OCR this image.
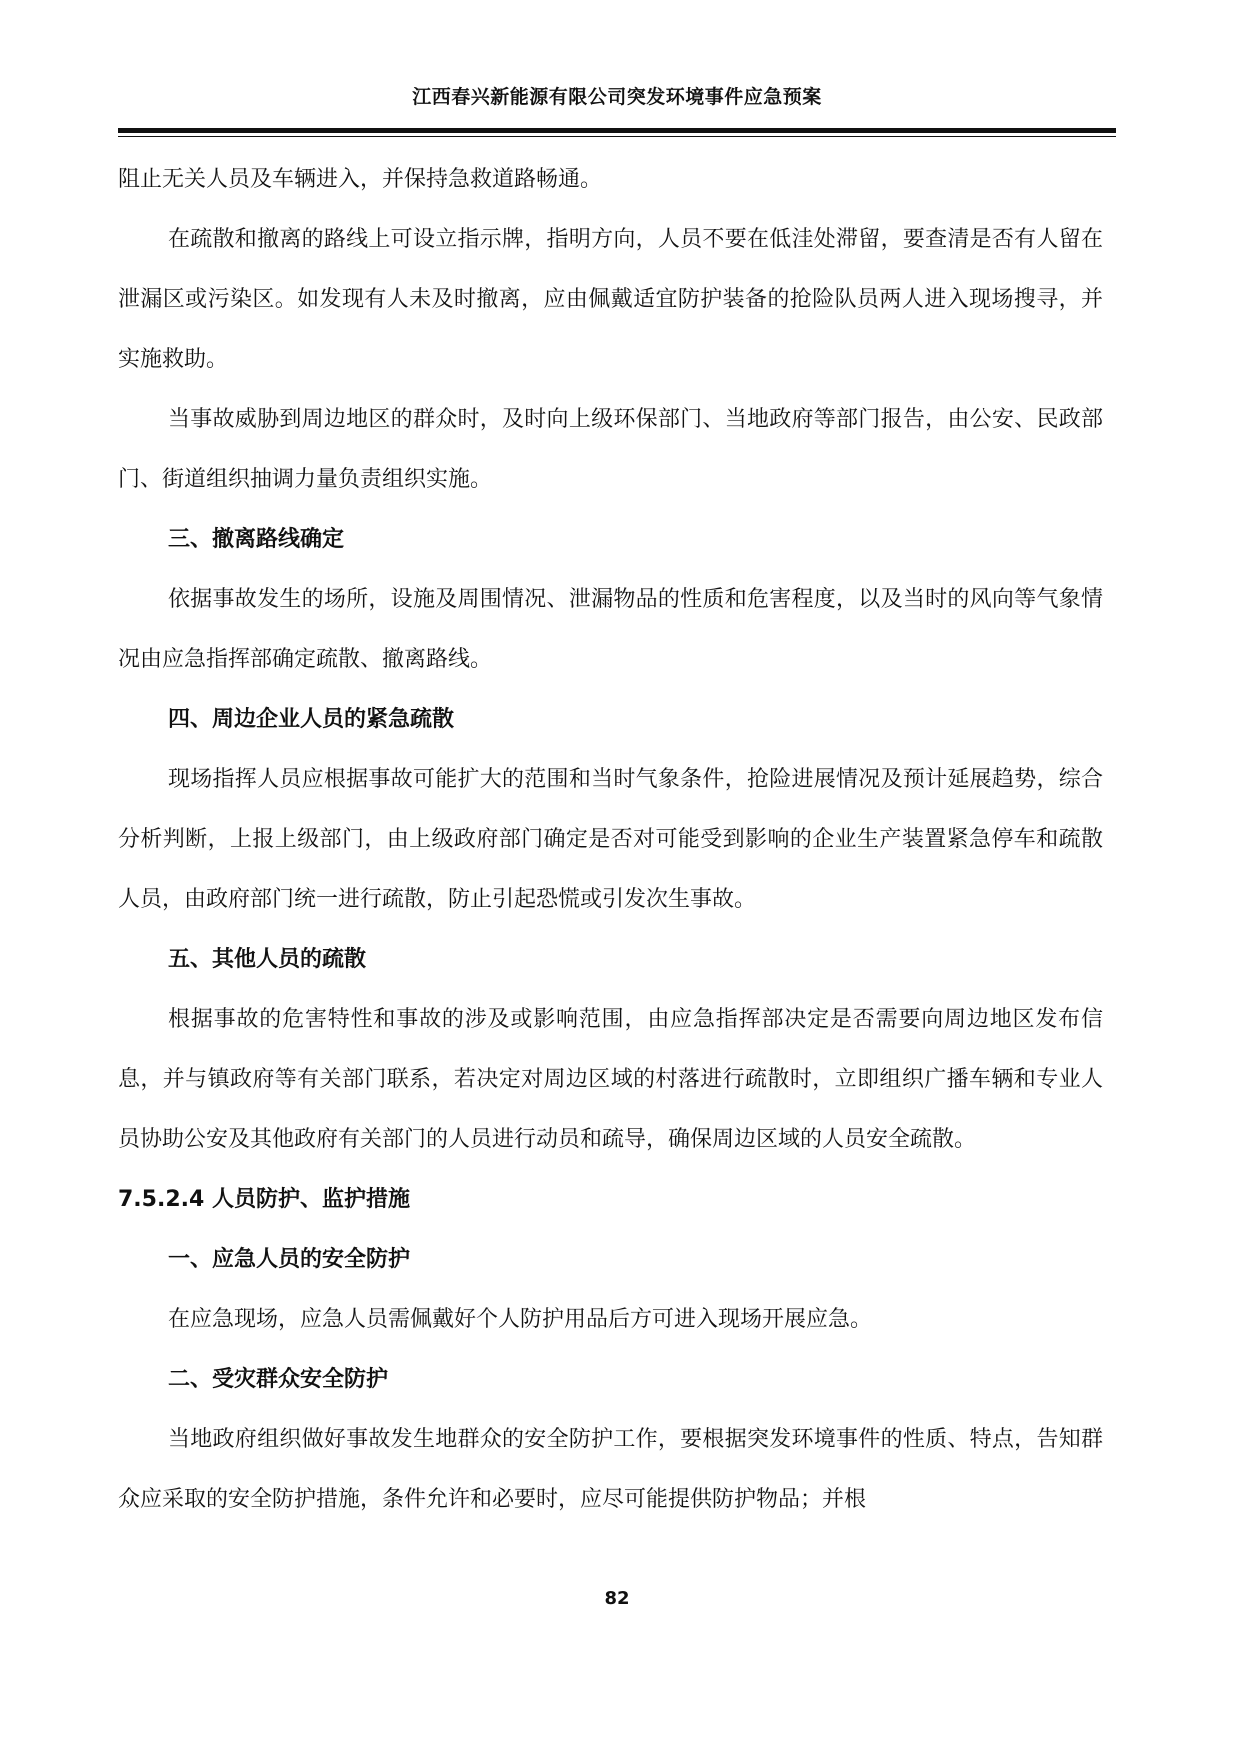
江西春兴新能源有限公司突发环境事件应急预案

阻止无关人员及车辆进入，并保持急救道路畅通。

在疏散和撤离的路线上可设立指示牌，指明方向，人员不要在低洼处滞留，要查清是否有人留在泄漏区或污染区。如发现有人未及时撤离，应由佩戴适宜防护装备的抢险队员两人进入现场搜寻，并实施救助。

当事故威胁到周边地区的群众时，及时向上级环保部门、当地政府等部门报告，由公安、民政部门、街道组织抽调力量负责组织实施。

三、撤离路线确定

依据事故发生的场所，设施及周围情况、泄漏物品的性质和危害程度，以及当时的风向等气象情况由应急指挥部确定疏散、撤离路线。

四、周边企业人员的紧急疏散

现场指挥人员应根据事故可能扩大的范围和当时气象条件，抢险进展情况及预计延展趋势，综合分析判断，上报上级部门，由上级政府部门确定是否对可能受到影响的企业生产装置紧急停车和疏散人员，由政府部门统一进行疏散，防止引起恐慌或引发次生事故。

五、其他人员的疏散

根据事故的危害特性和事故的涉及或影响范围，由应急指挥部决定是否需要向周边地区发布信息，并与镇政府等有关部门联系，若决定对周边区域的村落进行疏散时，立即组织广播车辆和专业人员协助公安及其他政府有关部门的人员进行动员和疏导，确保周边区域的人员安全疏散。

7.5.2.4 人员防护、监护措施

一、应急人员的安全防护

在应急现场，应急人员需佩戴好个人防护用品后方可进入现场开展应急。

二、受灾群众安全防护

当地政府组织做好事故发生地群众的安全防护工作，要根据突发环境事件的性质、特点，告知群众应采取的安全防护措施，条件允许和必要时，应尽可能提供防护物品；并根

82
